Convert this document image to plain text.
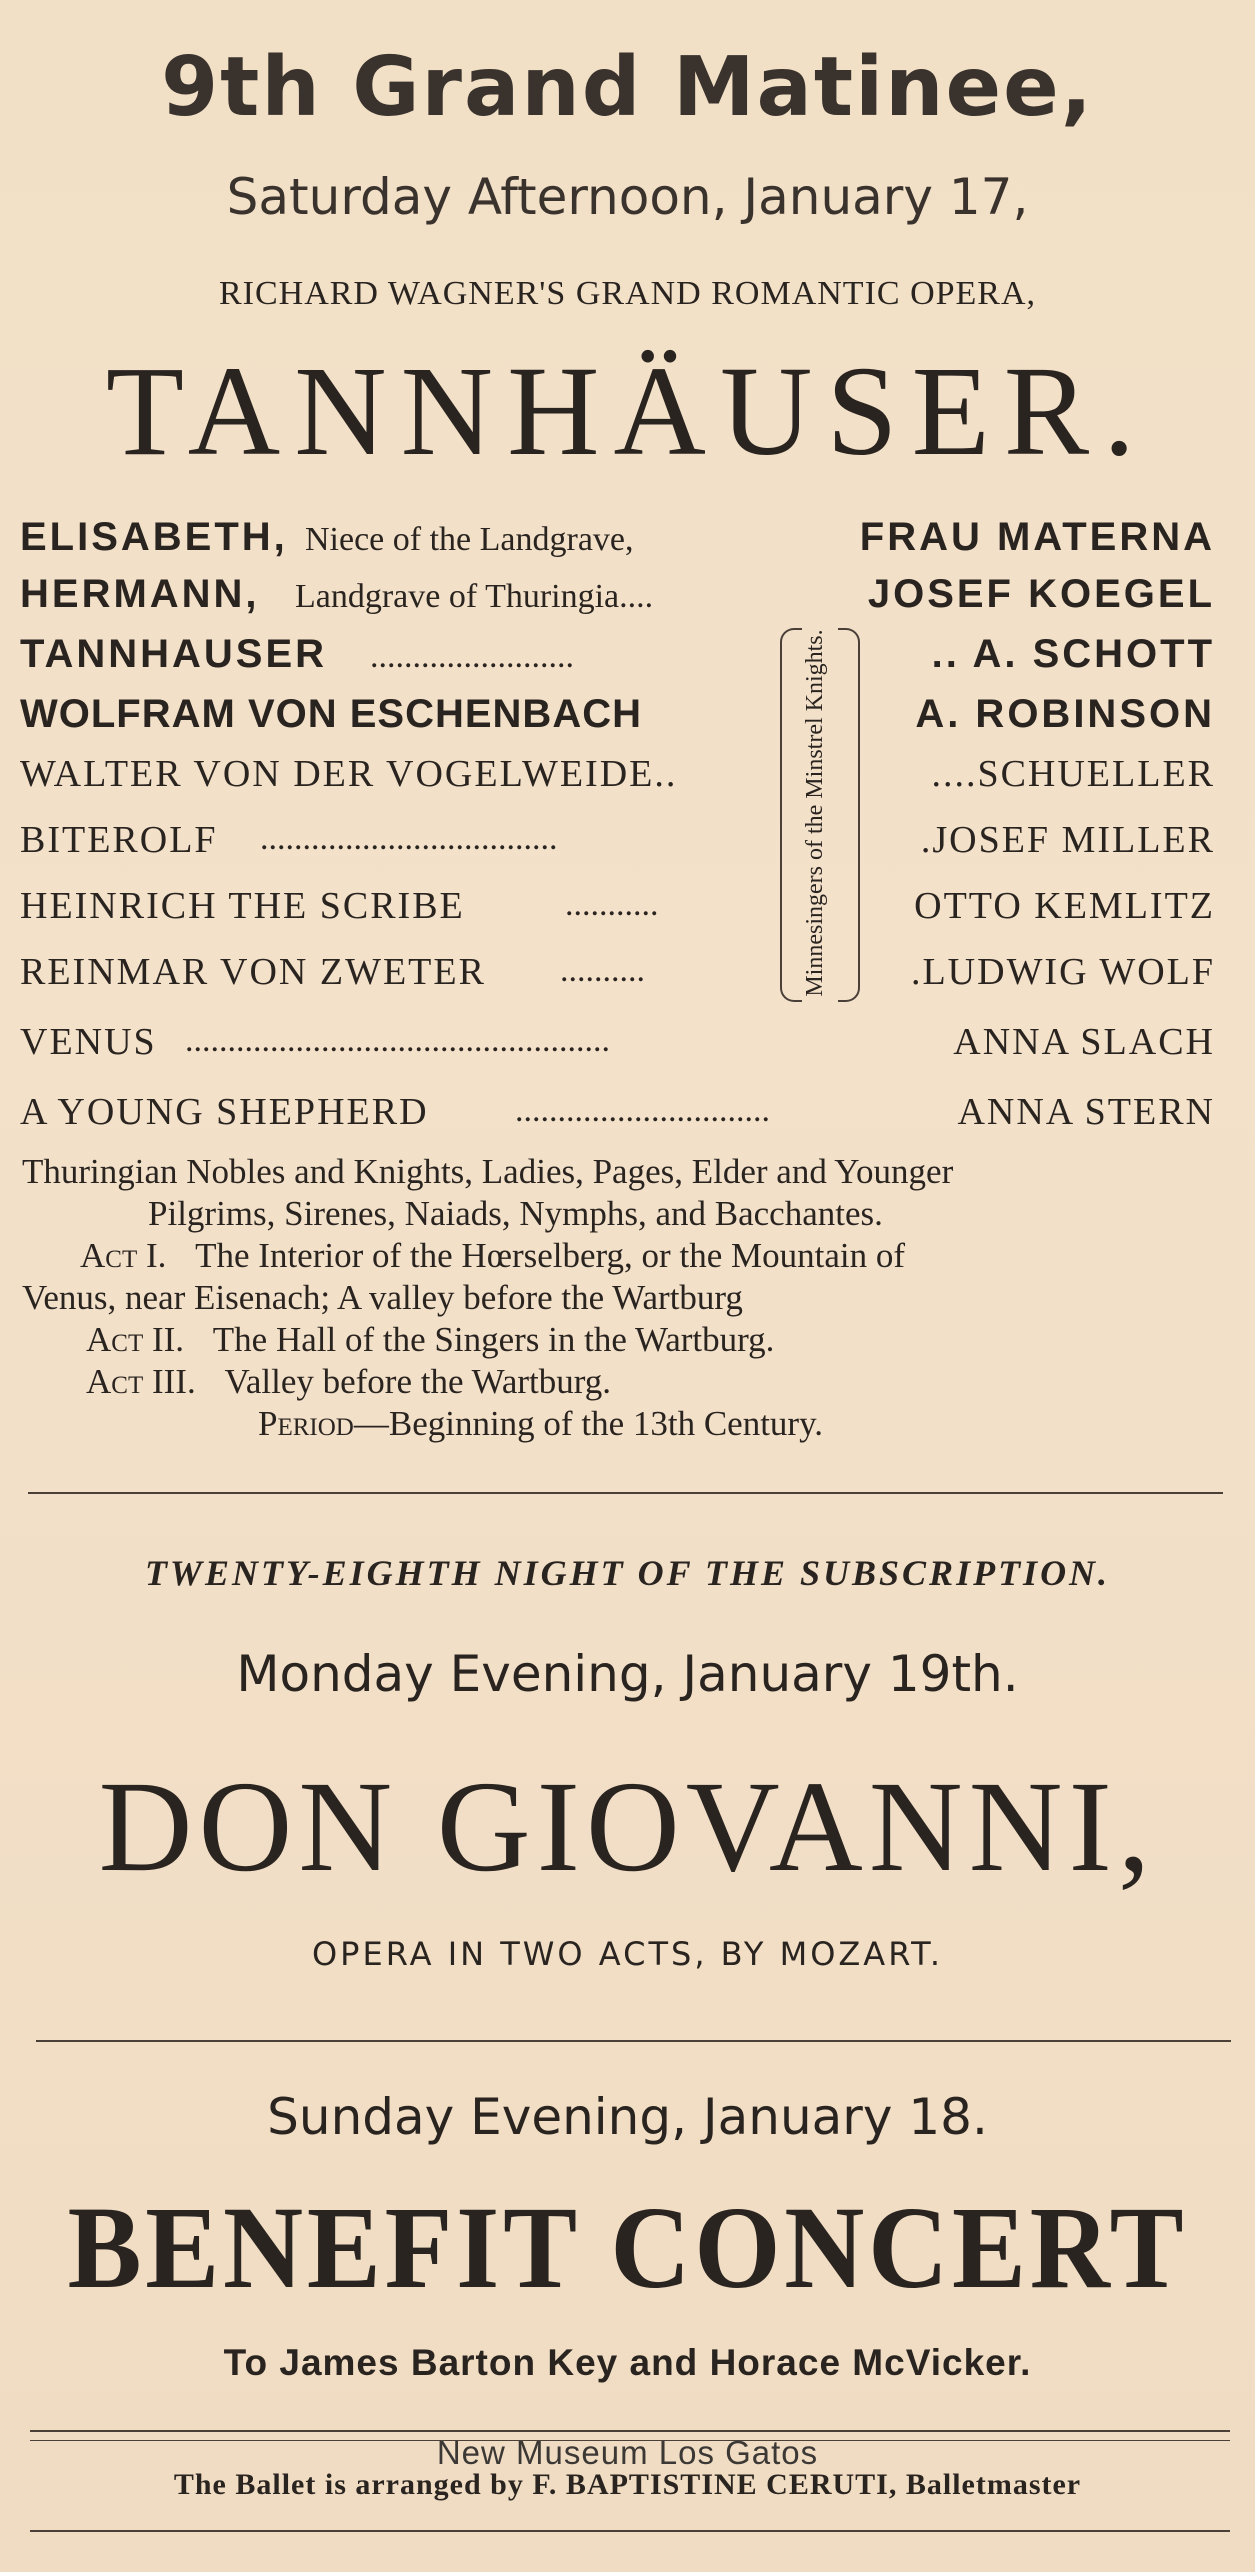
9th Grand Matinee,
Saturday Afternoon, January 17,
RICHARD WAGNER'S GRAND ROMANTIC OPERA,
TANNHÄUSER.
ELISABETH, Niece of the Landgrave,	FRAU MATERNA
HERMANN, Landgrave of Thuringia....	JOSEF KOEGEL
TANNHAUSER ........................	.. A. SCHOTT
WOLFRAM VON ESCHENBACH	A. ROBINSON
WALTER VON DER VOGELWEIDE..	....SCHUELLER
BITEROLF ...................................	.JOSEF MILLER
HEINRICH THE SCRIBE	...........	OTTO KEMLITZ
REINMAR VON ZWETER ..........	.LUDWIG WOLF
Minnesingers of the Minstrel Knights.
VENUS ..................................................	ANNA SLACH
A YOUNG SHEPHERD	..............................	ANNA STERN
Thuringian Nobles and Knights, Ladies, Pages, Elder and Younger
Pilgrims, Sirenes, Naiads, Nymphs, and Bacchantes.
Act I. The Interior of the Hœrselberg, or the Mountain of
Venus, near Eisenach; A valley before the Wartburg
Act II. The Hall of the Singers in the Wartburg.
Act III. Valley before the Wartburg.
Period—Beginning of the 13th Century.
TWENTY-EIGHTH NIGHT OF THE SUBSCRIPTION.
Monday Evening, January 19th.
DON GIOVANNI,
OPERA IN TWO ACTS, BY MOZART.
Sunday Evening, January 18.
BENEFIT CONCERT
To James Barton Key and Horace McVicker.
New Museum Los Gatos
The Ballet is arranged by F. BAPTISTINE CERUTI, Balletmaster
